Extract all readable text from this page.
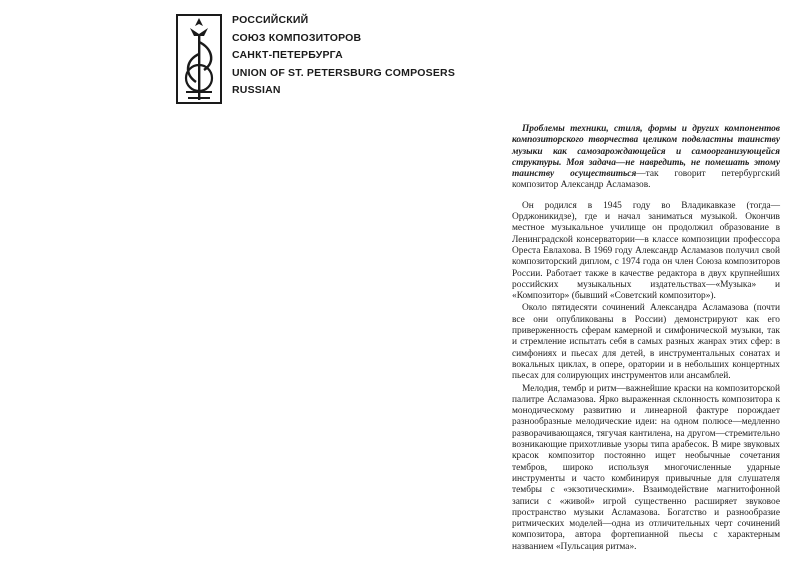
РОССИЙСКИЙ
СОЮЗ КОМПОЗИТОРОВ
САНКТ-ПЕТЕРБУРГА
UNION OF ST. PETERSBURG COMPOSERS
RUSSIAN

Проблемы техники, стиля, формы и других компонентов композиторского творчества целиком подвластны таинству музыки как самозарождающейся и самоорганизующейся структуры. Моя задача—не навредить, не помешать этому таинству осуществиться—так говорит петербургский композитор Александр Асламазов.

Он родился в 1945 году во Владикавказе (тогда—Орджоникидзе), где и начал заниматься музыкой. Окончив местное музыкальное училище он продолжил образование в Ленинградской консерватории—в классе композиции профессора Ореста Евлахова. В 1969 году Александр Асламазов получил свой композиторский диплом, с 1974 года он член Союза композиторов России. Работает также в качестве редактора в двух крупнейших российских музыкальных издательствах—«Музыка» и «Композитор» (бывший «Советский композитор»).

Около пятидесяти сочинений Александра Асламазова (почти все они опубликованы в России) демонстрируют как его приверженность сферам камерной и симфонической музыки, так и стремление испытать себя в самых разных жанрах этих сфер: в симфониях и пьесах для детей, в инструментальных сонатах и вокальных циклах, в опере, оратории и в небольших концертных пьесах для солирующих инструментов или ансамблей.

Мелодия, тембр и ритм—важнейшие краски на композиторской палитре Асламазова. Ярко выраженная склонность композитора к монодическому развитию и линеарной фактуре порождает разнообразные мелодические идеи: на одном полюсе—медленно разворачивающаяся, тягучая кантилена, на другом—стремительно возникающие прихотливые узоры типа арабесок. В мире звуковых красок композитор постоянно ищет необычные сочетания тембров, широко используя многочисленные ударные инструменты и часто комбинируя привычные для слушателя тембры с «экзотическими». Взаимодействие магнитофонной записи с «живой» игрой существенно расширяет звуковое пространство музыки Асламазова. Богатство и разнообразие ритмических моделей—одна из отличительных черт сочинений композитора, автора фортепианной пьесы с характерным названием «Пульсация ритма».
